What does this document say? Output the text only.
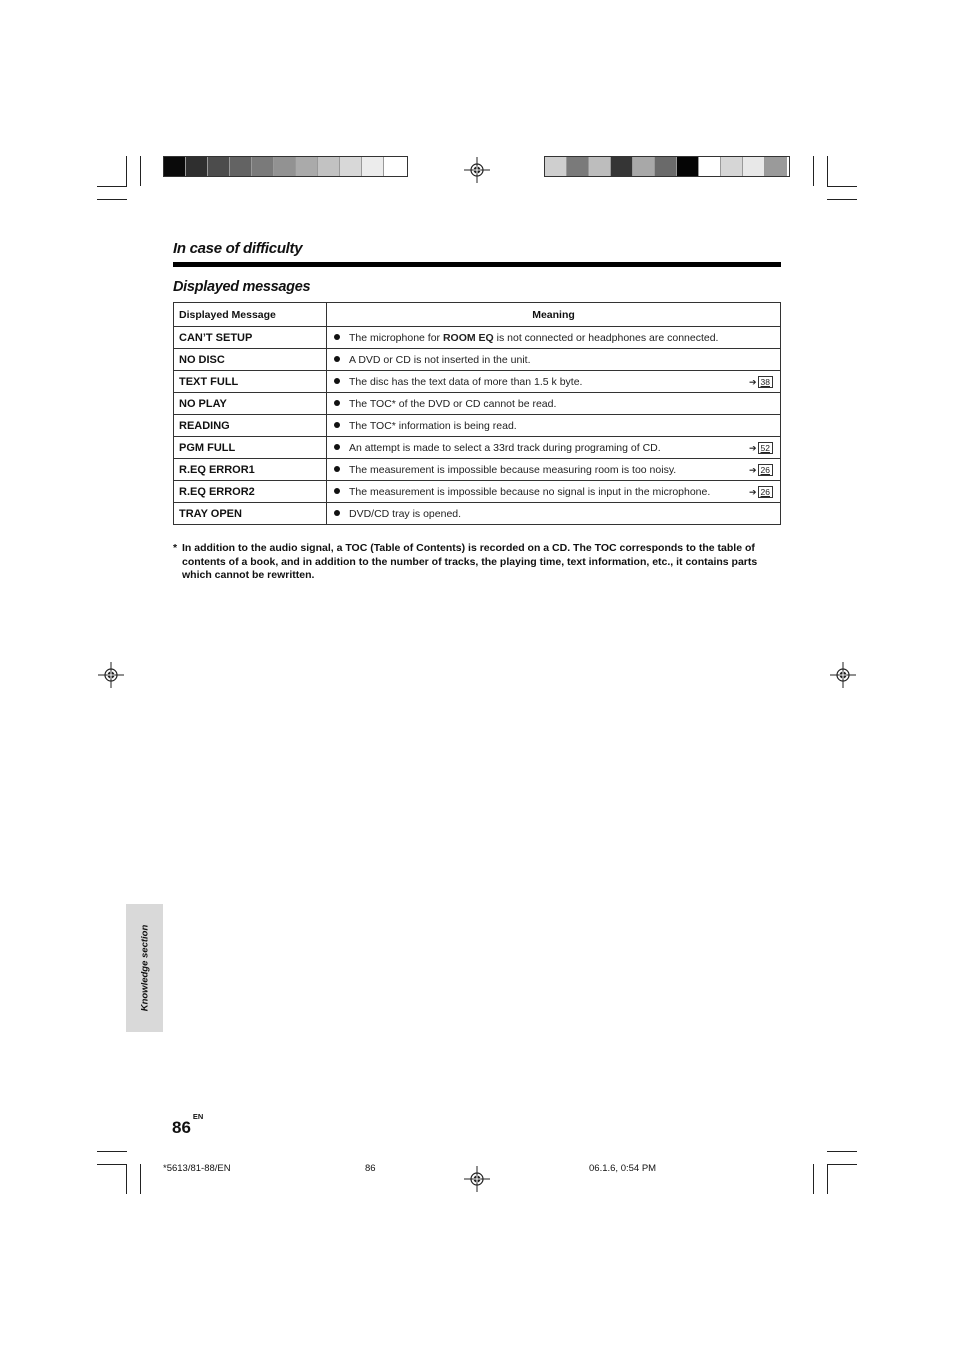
In case of difficulty
Displayed messages
Displayed Message	Meaning
CAN’T SETUP	The microphone for ROOM EQ is not connected or headphones are connected.
NO DISC	A DVD or CD is not inserted in the unit.
TEXT FULL	The disc has the text data of more than 1.5 k byte. ➔ 38

NO PLAY	The TOC* of the DVD or CD cannot be read.
READING	The TOC* information is being read.
PGM FULL	An attempt is made to select a 33rd track during programing of CD. ➔ 52

R.EQ ERROR1	The measurement is impossible because measuring room is too noisy. ➔ 26

R.EQ ERROR2	The measurement is impossible because no signal is input in the microphone. ➔ 26

TRAY OPEN	DVD/CD tray is opened.
* In addition to the audio signal, a TOC (Table of Contents) is recorded on a CD. The TOC corresponds to the table of contents of a book, and in addition to the number of tracks, the playing time, text information, etc., it contains parts which cannot be rewritten.
Knowledge section
$86^{EN}$
*5613/81-88/EN	86	06.1.6, 0:54 PM
